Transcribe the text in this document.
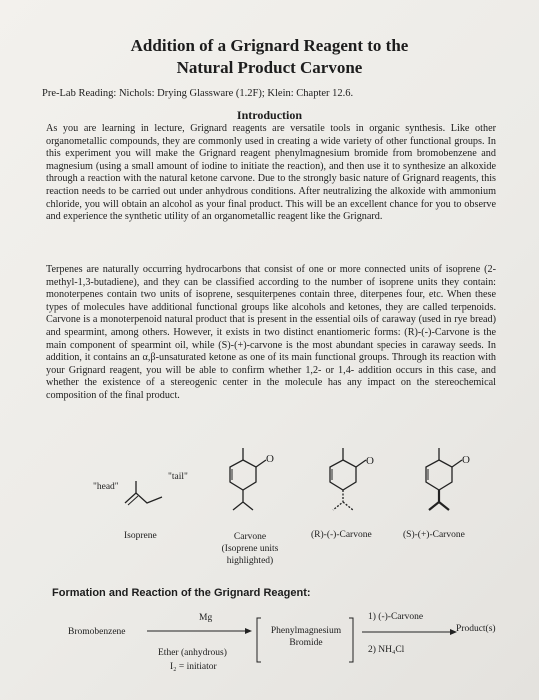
Addition of a Grignard Reagent to the
Natural Product Carvone
Pre-Lab Reading: Nichols: Drying Glassware (1.2F); Klein: Chapter 12.6.
Introduction
As you are learning in lecture, Grignard reagents are versatile tools in organic synthesis. Like other organometallic compounds, they are commonly used in creating a wide variety of other functional groups. In this experiment you will make the Grignard reagent phenylmagnesium bromide from bromobenzene and magnesium (using a small amount of iodine to initiate the reaction), and then use it to synthesize an alkoxide through a reaction with the natural ketone carvone. Due to the strongly basic nature of Grignard reagents, this reaction needs to be carried out under anhydrous conditions. After neutralizing the alkoxide with ammonium chloride, you will obtain an alcohol as your final product. This will be an excellent chance for you to observe and experience the synthetic utility of an organometallic reagent like the Grignard.
Terpenes are naturally occurring hydrocarbons that consist of one or more connected units of isoprene (2-methyl-1,3-butadiene), and they can be classified according to the number of isoprene units they contain: monoterpenes contain two units of isoprene, sesquiterpenes contain three, diterpenes four, etc. When these types of molecules have additional functional groups like alcohols and ketones, they are called terpenoids. Carvone is a monoterpenoid natural product that is present in the essential oils of caraway (used in rye bread) and spearmint, among others. However, it exists in two distinct enantiomeric forms: (R)-(-)-Carvone is the main component of spearmint oil, while (S)-(+)-carvone is the most abundant species in caraway seeds. In addition, it contains an α,β-unsaturated ketone as one of its main functional groups. Through its reaction with your Grignard reagent, you will be able to confirm whether 1,2- or 1,4- addition occurs in this case, and whether the existence of a stereogenic center in the molecule has any impact on the stereochemical composition of the final product.
"head"
"tail"
O	O	O
Isoprene	Carvone
(Isoprene units
highlighted)
(R)-(-)-Carvone	(S)-(+)-Carvone
Formation and Reaction of the Grignard Reagent:
Bromobenzene
Mg
Ether (anhydrous)
I₂ = initiator
Phenylmagnesium
Bromide
1) (-)-Carvone
2) NH₄Cl
Product(s)
